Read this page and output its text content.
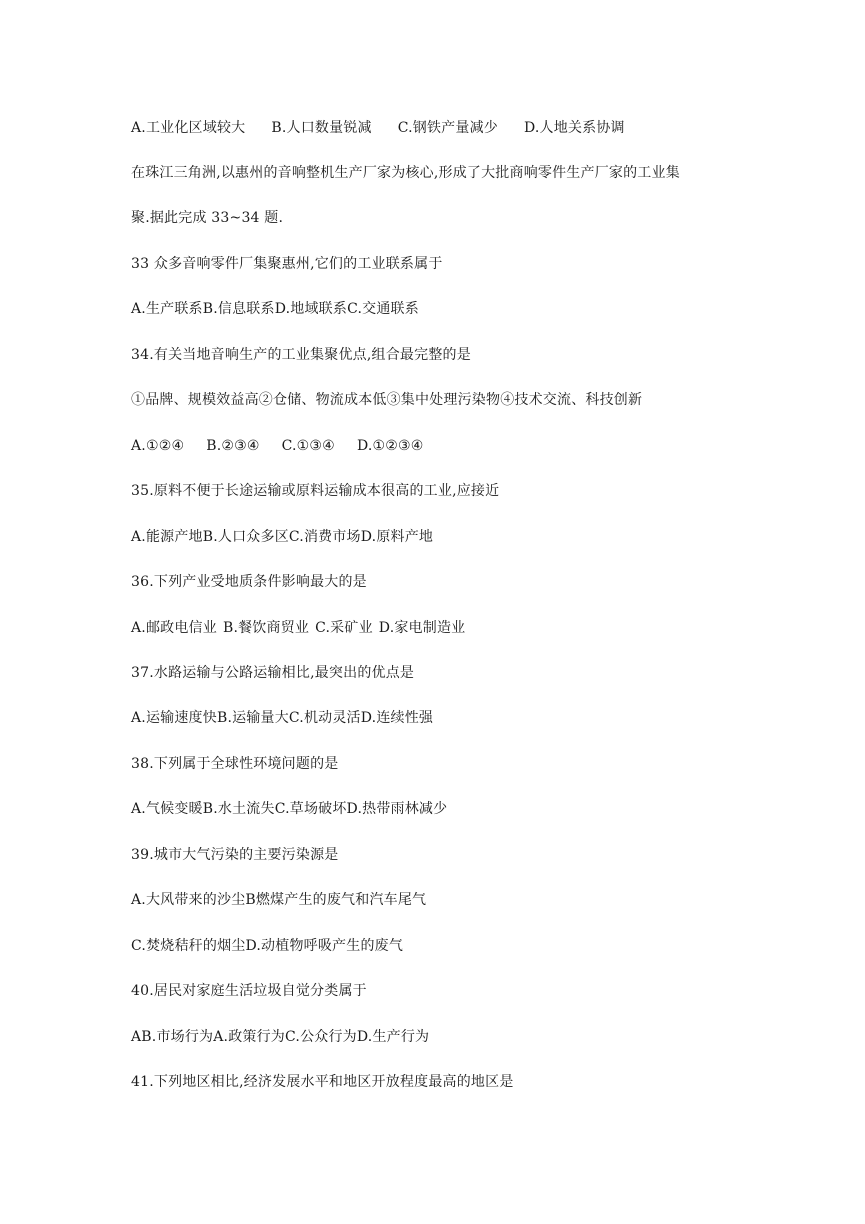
A.工业化区域较大 B.人口数量锐减 C.钢铁产量减少 D.人地关系协调
在珠江三角洲,以惠州的音响整机生产厂家为核心,形成了大批商响零件生产厂家的工业集
聚.据此完成 33~34 题.
33 众多音响零件厂集聚惠州,它们的工业联系属于
A.生产联系B.信息联系D.地域联系C.交通联系
34.有关当地音响生产的工业集聚优点,组合最完整的是
①品牌、规模效益高②仓储、物流成本低③集中处理污染物④技术交流、科技创新
A.①②④ B.②③④ C.①③④ D.①②③④
35.原料不便于长途运输或原料运输成本很高的工业,应接近
A.能源产地B.人口众多区C.消费市场D.原料产地
36.下列产业受地质条件影响最大的是
A.邮政电信业 B.餐饮商贸业 C.采矿业 D.家电制造业
37.水路运输与公路运输相比,最突出的优点是
A.运输速度快B.运输量大C.机动灵活D.连续性强
38.下列属于全球性环境问题的是
A.气候变暖B.水土流失C.草场破坏D.热带雨林减少
39.城市大气污染的主要污染源是
A.大风带来的沙尘B燃煤产生的废气和汽车尾气
C.焚烧秸秆的烟尘D.动植物呼吸产生的废气
40.居民对家庭生活垃圾自觉分类属于
AB.市场行为A.政策行为C.公众行为D.生产行为
41.下列地区相比,经济发展水平和地区开放程度最高的地区是
